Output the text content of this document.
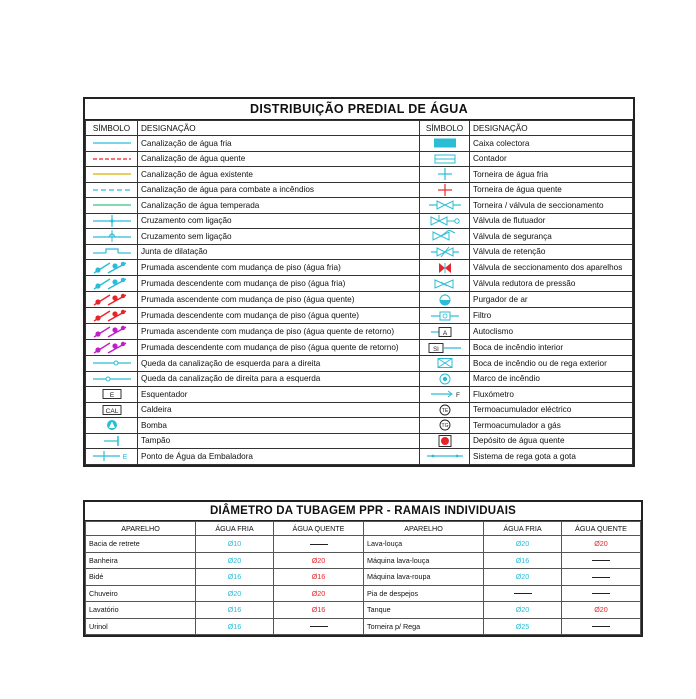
DISTRIBUIÇÃO PREDIAL DE ÁGUA
SÍMBOLO	DESIGNAÇÃO	SÍMBOLO	DESIGNAÇÃO

	Canalização de água fria		Caixa colectora

	Canalização de água quente		Contador

	Canalização de água existente		Torneira de água fria

	Canalização de água para combate a incêndios		Torneira de água quente

	Canalização de água temperada		Torneira / válvula de seccionamento

	Cruzamento com ligação		Válvula de flutuador

	Cruzamento sem ligação		Válvula de segurança

	Junta de dilatação		Válvula de retenção

	Prumada ascendente com mudança de piso (água fria)		Válvula de seccionamento dos aparelhos

	Prumada descendente com mudança de piso (água fria)		Válvula redutora de pressão

	Prumada ascendente com mudança de piso (água quente)		Purgador de ar

	Prumada descendente com mudança de piso (água quente)		Filtro

	Prumada ascendente com mudança de piso (água quente de retorno)	A	Autoclismo

	Prumada descendente com mudança de piso (água quente de retorno)	SI	Boca de incêndio interior

	Queda da canalização de esquerda para a direita		Boca de incêndio ou de rega exterior

	Queda da canalização de direita para a esquerda		Marco de incêndio

E	Esquentador	F	Fluxómetro

CAL	Caldeira	TE	Termoacumulador eléctrico

	Bomba	TG	Termoacumulador a gás

	Tampão		Depósito de água quente

E	Ponto de Água da Embaladora		Sistema de rega gota a gota
DIÂMETRO DA TUBAGEM PPR - RAMAIS INDIVIDUAIS
APARELHO	ÁGUA FRIA	ÁGUA QUENTE	APARELHO	ÁGUA FRIA	ÁGUA QUENTE
Bacia de retrete	Ø10		Lava-louça	Ø20	Ø20
Banheira	Ø20	Ø20	Máquina lava-louça	Ø16	
Bidé	Ø16	Ø16	Máquina lava-roupa	Ø20	
Chuveiro	Ø20	Ø20	Pia de despejos		
Lavatório	Ø16	Ø16	Tanque	Ø20	Ø20
Urinol	Ø16		Torneira p/ Rega	Ø25	
